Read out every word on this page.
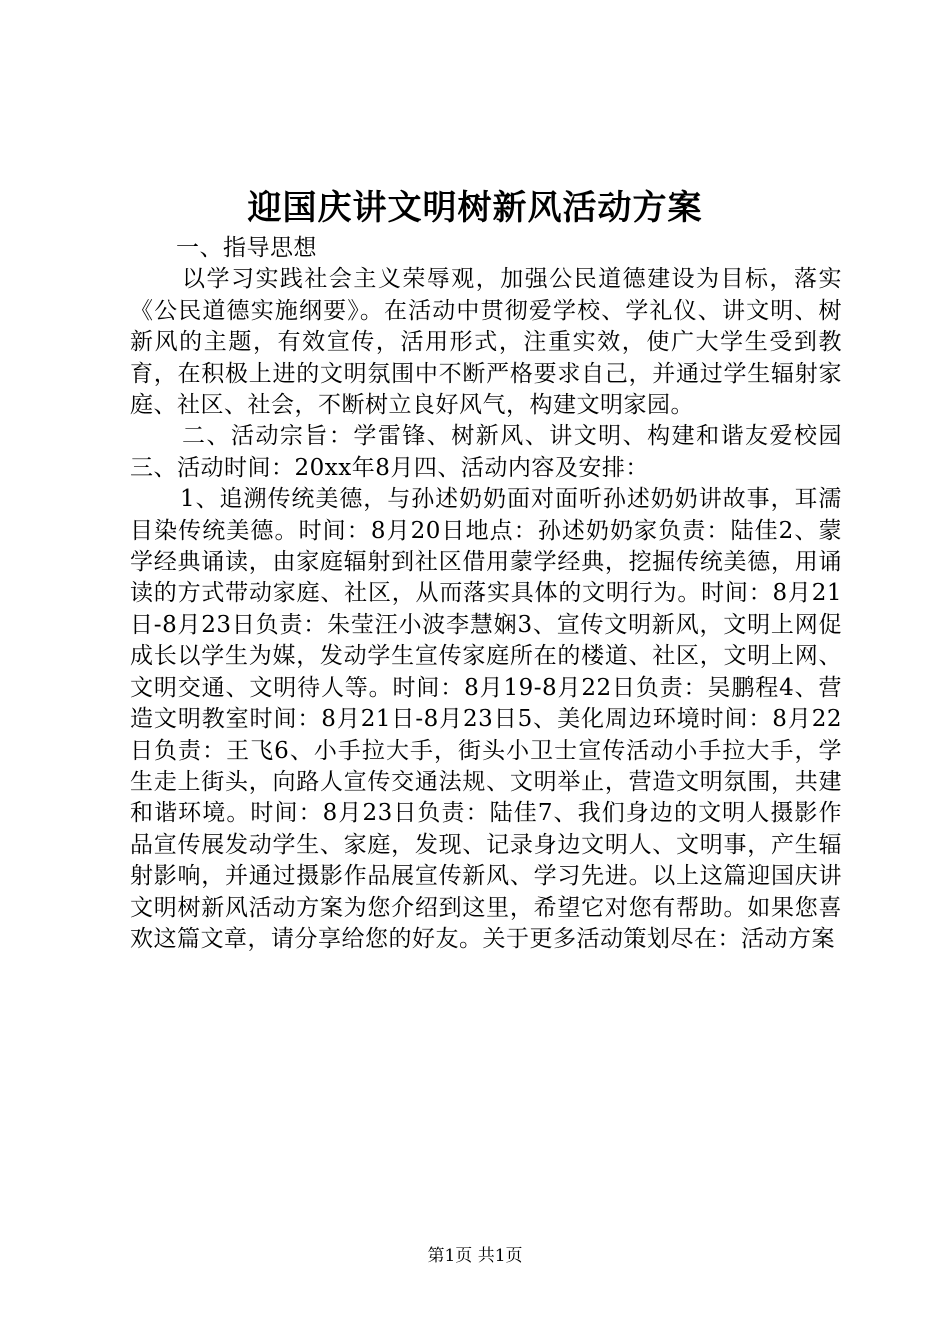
迎国庆讲文明树新风活动方案

一、指导思想

以学习实践社会主义荣辱观，加强公民道德建设为目标，落实《公民道德实施纲要》。在活动中贯彻爱学校、学礼仪、讲文明、树新风的主题，有效宣传，活用形式，注重实效，使广大学生受到教育，在积极上进的文明氛围中不断严格要求自己，并通过学生辐射家庭、社区、社会，不断树立良好风气，构建文明家园。

二、活动宗旨：学雷锋、树新风、讲文明、构建和谐友爱校园三、活动时间：20xx年8月四、活动内容及安排：

1、追溯传统美德，与孙述奶奶面对面听孙述奶奶讲故事，耳濡目染传统美德。时间：8月20日地点：孙述奶奶家负责：陆佳2、蒙学经典诵读，由家庭辐射到社区借用蒙学经典，挖掘传统美德，用诵读的方式带动家庭、社区，从而落实具体的文明行为。时间：8月21日-8月23日负责：朱莹汪小波李慧娴3、宣传文明新风，文明上网促成长以学生为媒，发动学生宣传家庭所在的楼道、社区，文明上网、文明交通、文明待人等。时间：8月19-8月22日负责：吴鹏程4、营造文明教室时间：8月21日-8月23日5、美化周边环境时间：8月22日负责：王飞6、小手拉大手，街头小卫士宣传活动小手拉大手，学生走上街头，向路人宣传交通法规、文明举止，营造文明氛围，共建和谐环境。时间：8月23日负责：陆佳7、我们身边的文明人摄影作品宣传展发动学生、家庭，发现、记录身边文明人、文明事，产生辐射影响，并通过摄影作品展宣传新风、学习先进。以上这篇迎国庆讲文明树新风活动方案为您介绍到这里，希望它对您有帮助。如果您喜欢这篇文章，请分享给您的好友。关于更多活动策划尽在：活动方案

第1页 共1页
